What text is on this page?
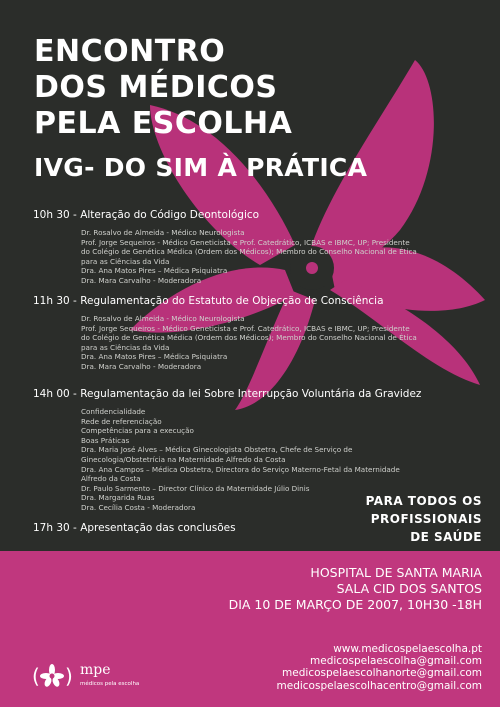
ENCONTRO
DOS MÉDICOS
PELA ESCOLHA
IVG- DO SIM À PRÁTICA

10h 30 - Alteração do Código Deontológico

Dr. Rosalvo de Almeida - Médico Neurologista
Prof. Jorge Sequeiros - Médico Geneticista e Prof. Catedrático, ICBAS e IBMC, UP; Presidente
do Colégio de Genética Médica (Ordem dos Médicos); Membro do Conselho Nacional de Ética
para as Ciências da Vida
Dra. Ana Matos Pires – Médica Psiquiatra
Dra. Mara Carvalho - Moderadora

11h 30 - Regulamentação do Estatuto de Objecção de Consciência

Dr. Rosalvo de Almeida - Médico Neurologista
Prof. Jorge Sequeiros - Médico Geneticista e Prof. Catedrático, ICBAS e IBMC, UP; Presidente
do Colégio de Genética Médica (Ordem dos Médicos); Membro do Conselho Nacional de Ética
para as Ciências da Vida
Dra. Ana Matos Pires – Médica Psiquiatra
Dra. Mara Carvalho - Moderadora

14h 00 - Regulamentação da lei Sobre Interrupção Voluntária da Gravidez

Confidencialidade
Rede de referenciação
Competências para a execução
Boas Práticas
Dra. Maria José Alves – Médica Ginecologista Obstetra, Chefe de Serviço de
Ginecologia/Obstetrícia na Maternidade Alfredo da Costa
Dra. Ana Campos – Médica Obstetra, Directora do Serviço Materno-Fetal da Maternidade
Alfredo da Costa
Dr. Paulo Sarmento – Director Clínico da Maternidade Júlio Dinis
Dra. Margarida Ruas
Dra. Cecília Costa - Moderadora

17h 30 - Apresentação das conclusões

PARA TODOS OS
PROFISSIONAIS
DE SAÚDE

HOSPITAL DE SANTA MARIA
SALA CID DOS SANTOS
DIA 10 DE MARÇO DE 2007, 10H30 -18H

www.medicospelaescolha.pt
medicospelaescolha@gmail.com
medicospelaescolhanorte@gmail.com
medicospelaescolhacentro@gmail.com
( ) mpe
médicos pela escolha
